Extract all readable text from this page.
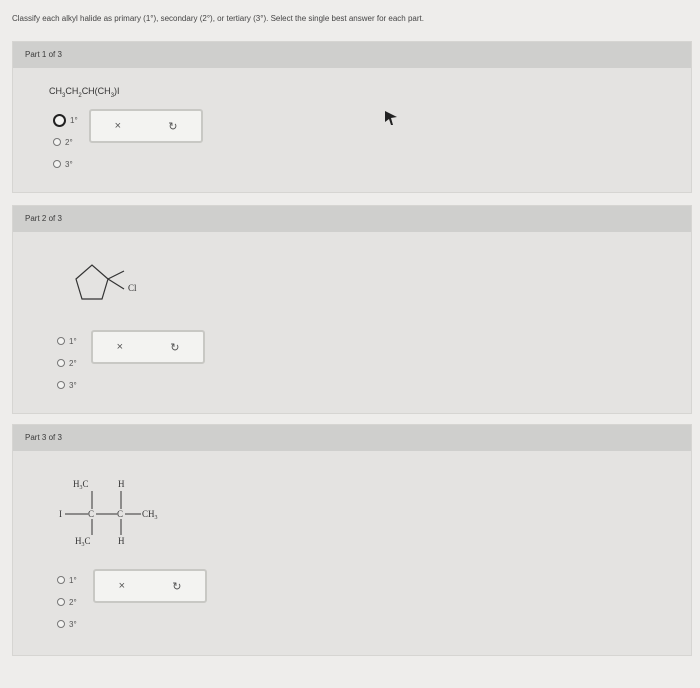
Classify each alkyl halide as primary (1°), secondary (2°), or tertiary (3°). Select the single best answer for each part.
Part 1 of 3
$CH_3CH_2CH(CH_3)I$
1°
2°
3°
×	↻
Part 2 of 3
Cl
1°
2°
3°
×	↻
Part 3 of 3
$H_3C$	H
I	C	C $CH_3$
$H_3C$	H
1°
2°
3°
×	↻
